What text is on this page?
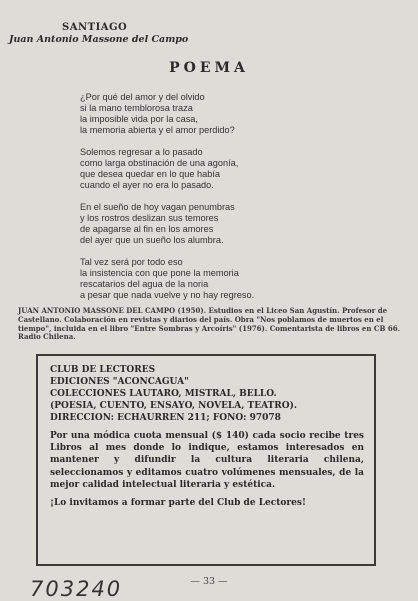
SANTIAGO
Juan Antonio Massone del Campo
POEMA
¿Por qué del amor y del olvido
si la mano temblorosa traza
la imposible vida por la casa,
la memoria abierta y el amor perdido?
Solemos regresar a lo pasado
como larga obstinación de una agonía,
que desea quedar en lo que había
cuando el ayer no era lo pasado.
En el sueño de hoy vagan penumbras
y los rostros deslizan sus temores
de apagarse al fin en los amores
del ayer que un sueño los alumbra.
Tal vez será por todo eso
la insistencia con que pone la memoria
rescatarios del agua de la noria
a pesar que nada vuelve y no hay regreso.
JUAN ANTONIO MASSONE DEL CAMPO (1950). Estudios en el Liceo San Agustín. Profesor de Castellano. Colaboración en revistas y diarios del país. Obra "Nos poblamos de muertos en el tiempo", incluida en el libro "Entre Sombras y Arcoíris" (1976). Comentarista de libros en CB 66. Radio Chilena.
CLUB DE LECTORES
EDICIONES "ACONCAGUA"
COLECCIONES LAUTARO, MISTRAL, BELLO.
(POESIA, CUENTO, ENSAYO, NOVELA, TEATRO).
DIRECCION: ECHAURREN 211; FONO: 97078
Por una módica cuota mensual ($ 140) cada socio recibe tres Libros al mes donde lo indique, estamos interesados en mantener y difundir la cultura literaria chilena, seleccionamos y editamos cuatro volúmenes mensuales, de la mejor calidad intelectual literaria y estética.
¡Lo invitamos a formar parte del Club de Lectores!
703240	— 33 —
